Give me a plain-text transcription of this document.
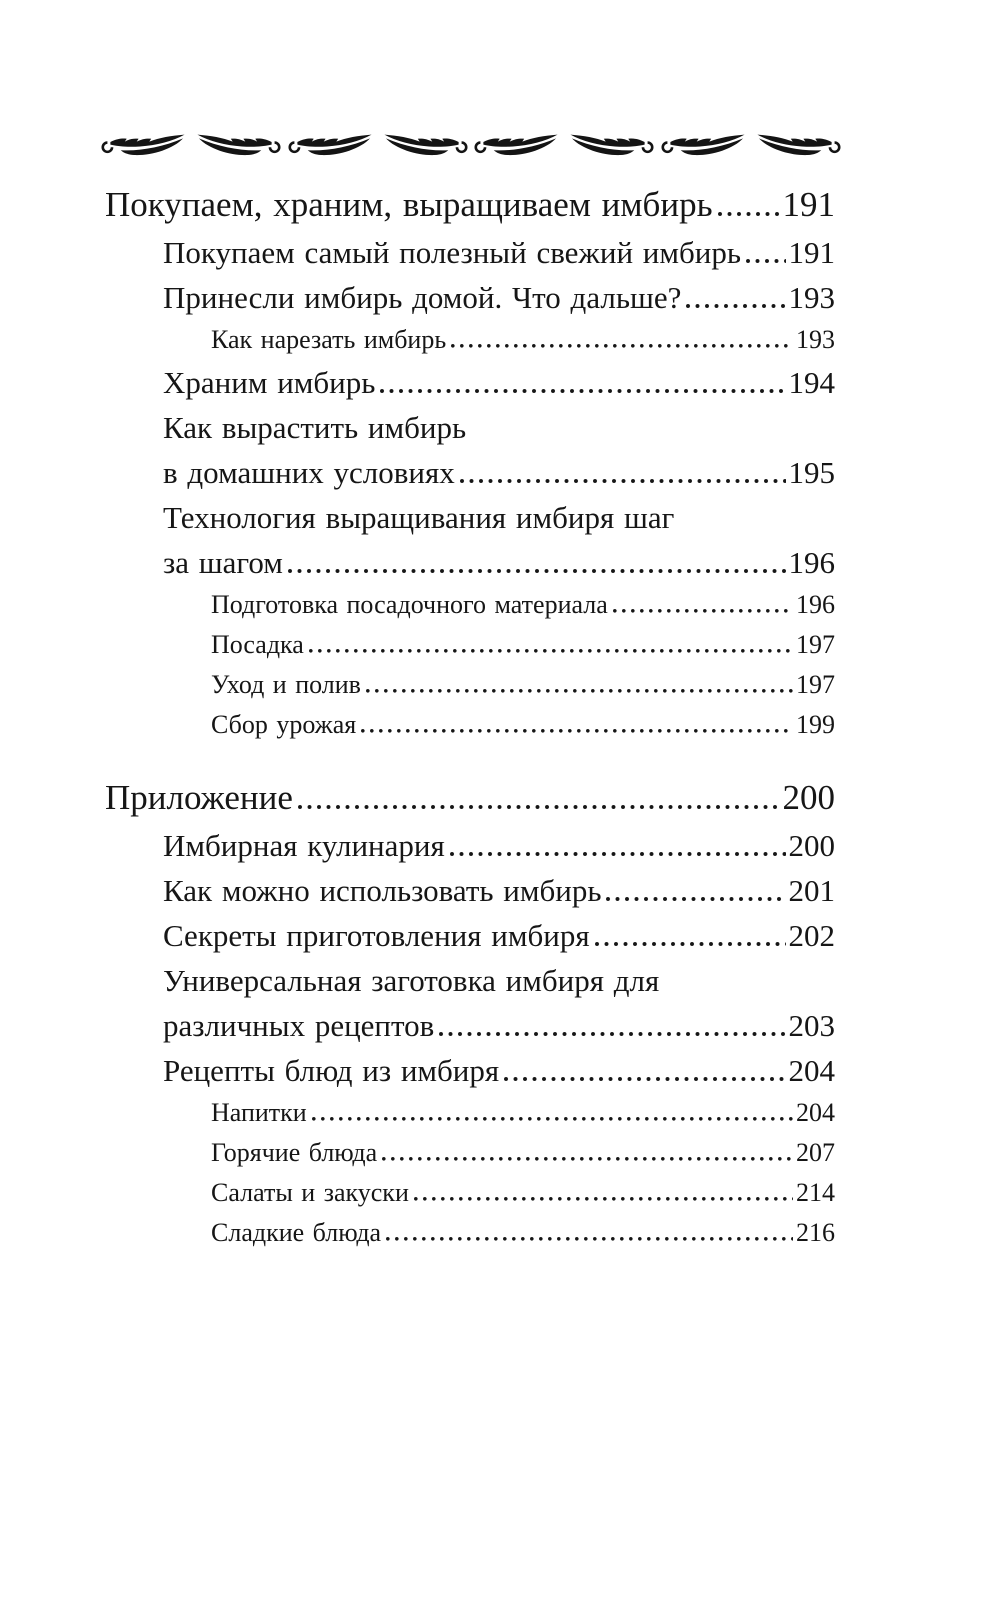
Покупаем, храним, выращиваем имбирь 191
Покупаем самый полезный свежий имбирь 191
Принесли имбирь домой. Что дальше?	193
Как нарезать имбирь	193
Храним имбирь	194
Как вырастить имбирь
в домашних условиях	195
Технология выращивания имбиря шаг
за шагом	196
Подготовка посадочного материала	196
Посадка	197
Уход и полив	197
Сбор урожая	199
Приложение	200
Имбирная кулинария	200
Как можно использовать имбирь	201
Секреты приготовления имбиря	202
Универсальная заготовка имбиря для
различных рецептов	203
Рецепты блюд из имбиря	204
Напитки	204
Горячие блюда	207
Салаты и закуски	214
Сладкие блюда	216
